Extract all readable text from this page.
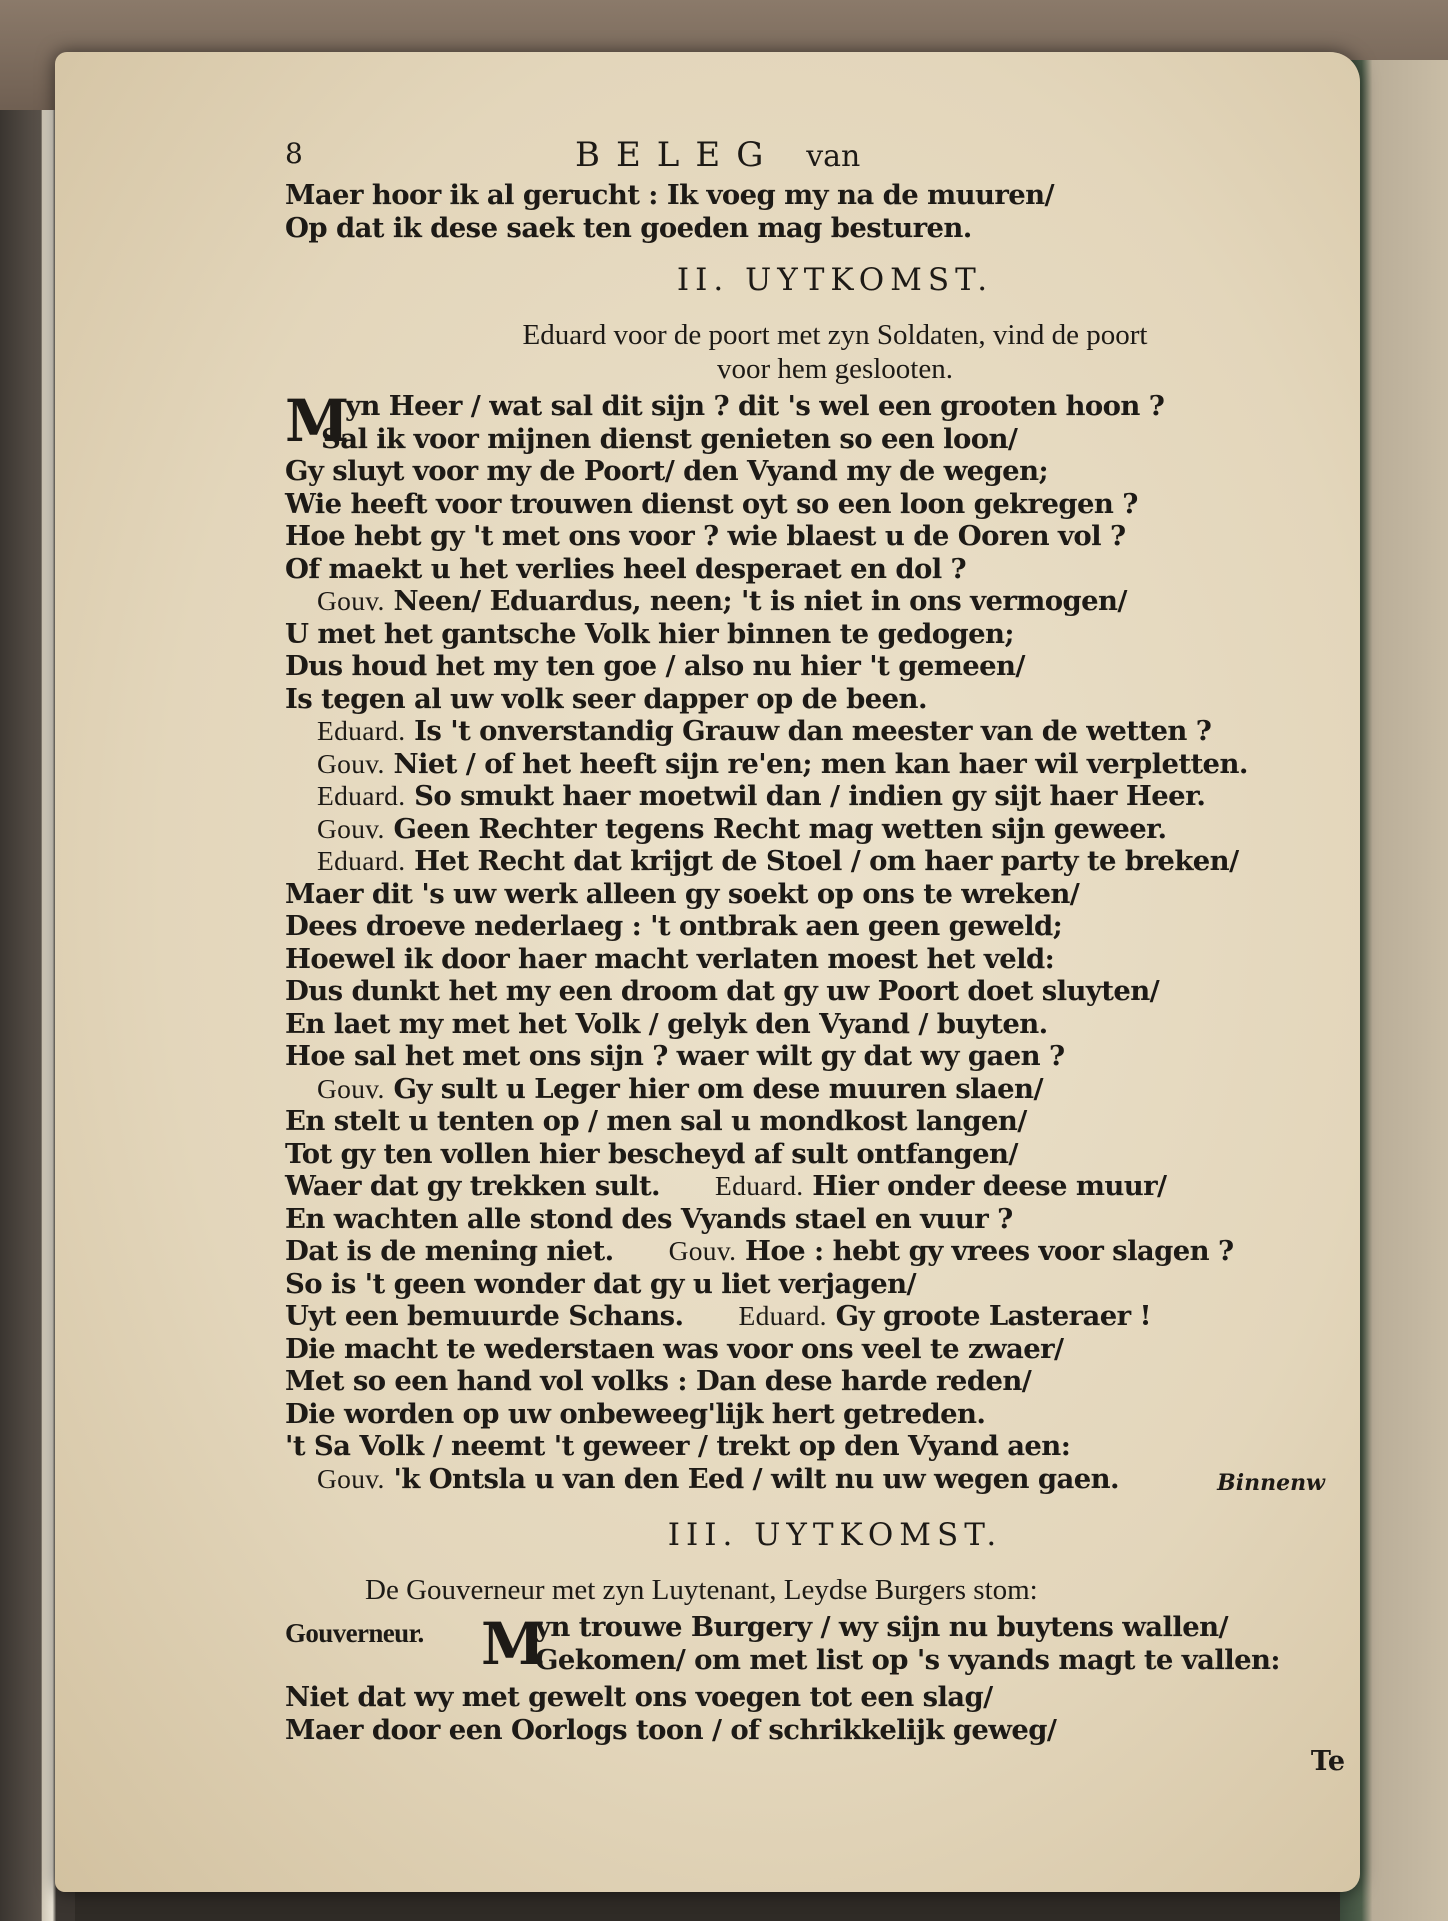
8	BELEG van
Maer hoor ik al gerucht : Ik voeg my na de muuren/
Op dat ik dese saek ten goeden mag besturen.
II. UYTKOMST.
Eduard voor de poort met zyn Soldaten, vind de poort
voor hem geslooten.
M
yn Heer / wat sal dit sijn ? dit 's wel een grooten hoon ?
Sal ik voor mijnen dienst genieten so een loon/
Gy sluyt voor my de Poort/ den Vyand my de wegen;
Wie heeft voor trouwen dienst oyt so een loon gekregen ?
Hoe hebt gy 't met ons voor ? wie blaest u de Ooren vol ?
Of maekt u het verlies heel desperaet en dol ?
Gouv. Neen/ Eduardus, neen; 't is niet in ons vermogen/
U met het gantsche Volk hier binnen te gedogen;
Dus houd het my ten goe / also nu hier 't gemeen/
Is tegen al uw volk seer dapper op de been.
Eduard. Is 't onverstandig Grauw dan meester van de wetten ?
Gouv. Niet / of het heeft sijn re'en; men kan haer wil verpletten.
Eduard. So smukt haer moetwil dan / indien gy sijt haer Heer.
Gouv. Geen Rechter tegens Recht mag wetten sijn geweer.
Eduard. Het Recht dat krijgt de Stoel / om haer party te breken/
Maer dit 's uw werk alleen gy soekt op ons te wreken/
Dees droeve nederlaeg : 't ontbrak aen geen geweld;
Hoewel ik door haer macht verlaten moest het veld:
Dus dunkt het my een droom dat gy uw Poort doet sluyten/
En laet my met het Volk / gelyk den Vyand / buyten.
Hoe sal het met ons sijn ? waer wilt gy dat wy gaen ?
Gouv. Gy sult u Leger hier om dese muuren slaen/
En stelt u tenten op / men sal u mondkost langen/
Tot gy ten vollen hier bescheyd af sult ontfangen/
Waer dat gy trekken sult.   Eduard. Hier onder deese muur/
En wachten alle stond des Vyands stael en vuur ?
Dat is de mening niet.   Gouv. Hoe : hebt gy vrees voor slagen ?
So is 't geen wonder dat gy u liet verjagen/
Uyt een bemuurde Schans.   Eduard. Gy groote Lasteraer !
Die macht te wederstaen was voor ons veel te zwaer/
Met so een hand vol volks : Dan dese harde reden/
Die worden op uw onbeweeg'lijk hert getreden.
't Sa Volk / neemt 't geweer / trekt op den Vyand aen:
Gouv. 'k Ontsla u van den Eed / wilt nu uw wegen gaen.	Binnenw
III. UYTKOMST.
De Gouverneur met zyn Luytenant, Leydse Burgers stom:
Gouverneur. M
yn trouwe Burgery / wy sijn nu buytens wallen/
Gekomen/ om met list op 's vyands magt te vallen:
Niet dat wy met gewelt ons voegen tot een slag/
Maer door een Oorlogs toon / of schrikkelijk geweg/
Te
